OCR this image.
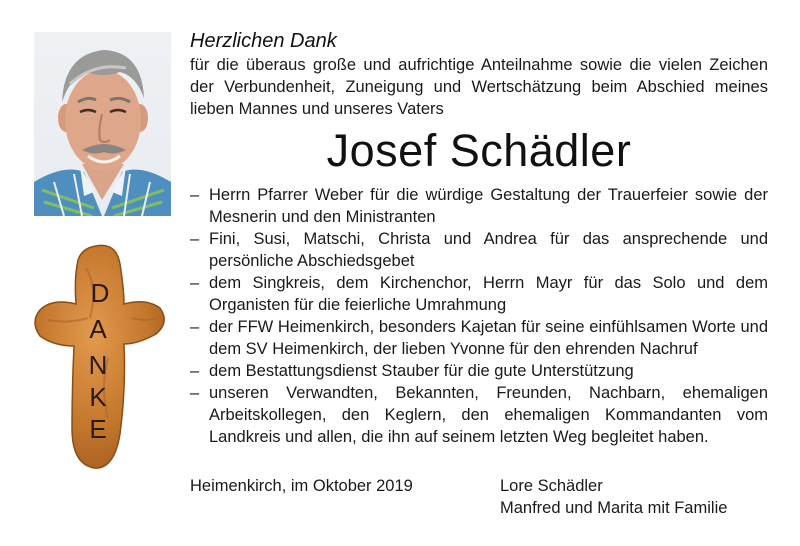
D
A
N
K
E
Herzlichen Dank
für die überaus große und aufrichtige Anteilnahme sowie die vielen Zeichen der Verbundenheit, Zuneigung und Wertschätzung beim Abschied meines lieben Mannes und unseres Vaters
Josef Schädler
– Herrn Pfarrer Weber für die würdige Gestaltung der Trauerfeier sowie der Mesnerin und den Ministranten
– Fini, Susi, Matschi, Christa und Andrea für das ansprechende und persönliche Abschiedsgebet
– dem Singkreis, dem Kirchenchor, Herrn Mayr für das Solo und dem Organisten für die feierliche Umrahmung
– der FFW Heimenkirch, besonders Kajetan für seine einfühlsamen Worte und dem SV Heimenkirch, der lieben Yvonne für den ehrenden Nachruf
– dem Bestattungsdienst Stauber für die gute Unterstützung
– unseren Verwandten, Bekannten, Freunden, Nachbarn, ehemaligen Arbeitskollegen, den Keglern, den ehemaligen Kommandanten vom Landkreis und allen, die ihn auf seinem letzten Weg begleitet haben.
Heimenkirch, im Oktober 2019	Lore Schädler
Manfred und Marita mit Familie
